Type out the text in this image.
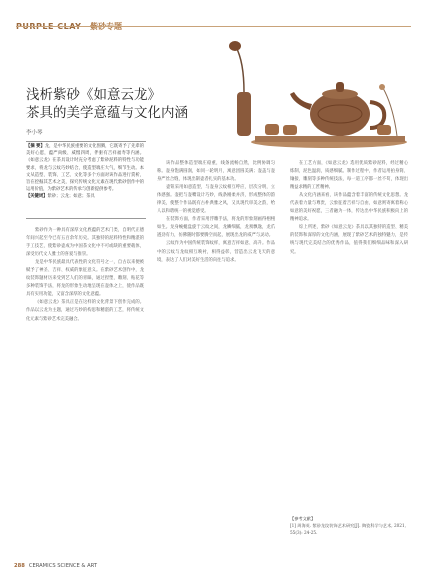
浅析紫砂《如意云龙》
茶具的美学意蕴与文化内涵
李小琴
【摘 要】龙，是中华民族重要的文化图腾，它既寄予了先辈的美好心愿，蕴严尚级、威慑四周，伴驱有吉祥福寿等内涵。《如意云龙》在茶具设计时充分考虑了紫砂泥料的特性与功能要求，将龙与云纹巧妙结合，使造型端庄大气，细节生动。本文从造型、装饰、工艺、文化等多个方面对该作品进行赏析，旨在挖掘其艺术之美，探究传统文化元素在现代紫砂创作中的运用价值，为紫砂艺术的传承与创新提供参考。
【关键词】紫砂；云龙；如意；茶具

紫砂作为一种具有深厚文化底蕴的艺术门类，自明代正德年间兴起至今已有五百余年历史。其独特的泥料特性和精湛的手工技艺，使紫砂壶成为中国茶文化中不可或缺的重要载体，深受历代文人雅士的喜爱与推崇。

龙是中华民族最具代表性的文化符号之一，自古以来便被赋予了神圣、吉祥、权威的象征意义。在紫砂艺术创作中，龙纹装饰题材历来受到艺人们的青睐，通过捏塑、雕刻、贴花等多种装饰手法，将龙的形象生动地呈现在壶体之上，使作品既具有实用功能，又富含深厚的文化意蕴。

《如意云龙》茶具正是在这样的文化背景下创作完成的。作品以云龙为主题，通过巧妙的构思和精湛的工艺，将传统文化元素与紫砂艺术完美融合。

该作品整体造型端庄稳重，线条流畅自然，比例协调匀称。壶身饱满圆润，如同一轮明月，寓意团圆美满；壶盖与壶身严丝合缝，体现出制壶者扎实的基本功。

壶钮采用如意造型，与壶身云纹相互呼应，层次分明，立体感强。壶把与壶嘴设计巧妙，线条刚柔并济，形成整体的韵律美，使整个作品既有古朴典雅之风，又具现代审美之韵，给人以和谐统一的视觉感受。

在装饰方面，作者采用浮雕手法，将龙的形象刻画得栩栩如生。龙身蜿蜒盘旋于云纹之间，龙鳞细腻，龙须飘逸，龙爪遒劲有力，仿佛随时都要腾空而起，展现出龙的威严与灵动。

云纹作为中国传统装饰纹样，寓意吉祥如意、高升。作品中的云纹与龙纹相互映衬，相得益彰，营造出云龙飞天的意境，表达了人们对美好生活的向往与追求。

在工艺方面，《如意云龙》选用优质紫砂泥料，经过精心炼制，泥色温润，质感细腻。制作过程中，作者运用拍身筒、镶接、雕刻等多种传统技法，每一道工序都一丝不苟，体现出精益求精的工匠精神。

从文化内涵来看，该作品蕴含着丰富的传统文化思想。龙代表着力量与尊贵，云象征着吉祥与自由，如意则寄寓着称心如意的美好祝愿，三者融为一体，传达出中华民族积极向上的精神追求。

综上所述，紫砂《如意云龙》茶具以其独特的造型、精美的装饰和深厚的文化内涵，展现了紫砂艺术的独特魅力，是传统与现代完美结合的优秀作品，值得我们细细品味和深入研究。

【参考文献】
[1] 周海英. 紫砂龙纹装饰艺术研究[J]. 陶瓷科学与艺术, 2021, 55(3): 24-25.
288 CERAMICS SCIENCE & ART
